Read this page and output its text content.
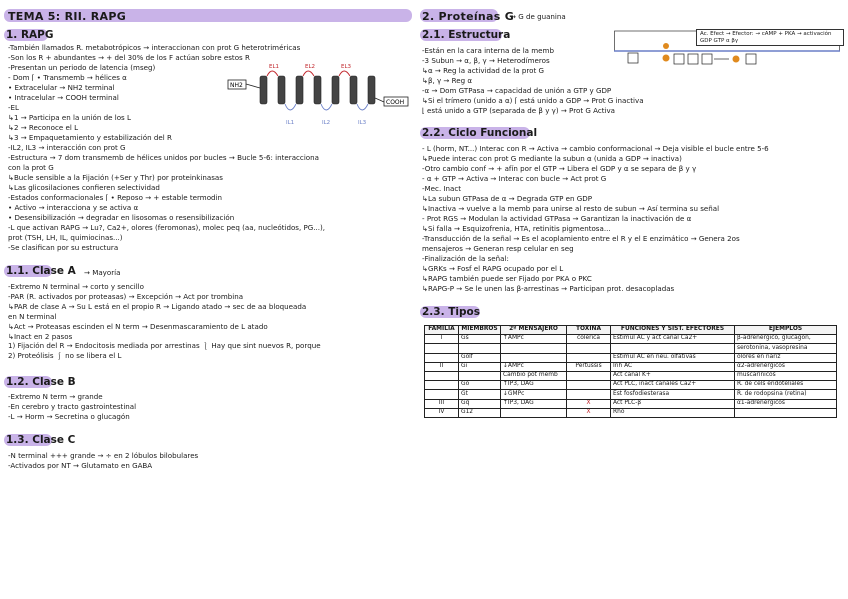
TEMA 5: RII. RAPG
1. RAPG
-También llamados R. metabotrópicos → interaccionan con prot G heterotriméricas
-Son los R + abundantes → + del 30% de los F actúan sobre estos R
-Presentan un periodo de latencia (mseg)
- Dom ⌈ • Transmemb → hélices α
• Extracelular → NH2 terminal
• Intracelular → COOH terminal
-EL
↳1 → Participa en la unión de los L
↳2 → Reconoce el L
↳3 → Empaquetamiento y estabilización del R
-IL2, IL3 → interacción con prot G
-Estructura → 7 dom transmemb de hélices unidos por bucles → Bucle 5-6: interacciona
con la prot G
↳Bucle sensible a la Fijación (+Ser y Thr) por proteinkinasas
↳Las glicosilaciones confieren selectividad
-Estados conformacionales ⌈ • Reposo → + estable termodin
• Activo → interacciona y se activa α
• Desensibilización → degradar en lisosomas o resensibilización
-L que activan RAPG → Lu?, Ca2+, olores (feromonas), molec peq (aa, nucleótidos, PG...),
prot (TSH, LH, IL, quimiocinas...)
-Se clasifican por su estructura
NH2
EL1	EL2	EL3
IL1	IL2	IL3
COOH
1.1. Clase A → Mayoría
-Extremo N terminal → corto y sencillo
-PAR (R. activados por proteasas) → Excepción → Act por trombina
↳PAR de clase A → Su L está en el propio R → Ligando atado → sec de aa bloqueada
en N terminal
↳Act → Proteasas escinden el N term → Desenmascaramiento de L atado
↳Inact en 2 pasos
1) Fijación del R → Endocitosis mediada por arrestinas ⎱ Hay que sint nuevos R, porque
2) Proteólisis ⎰ no se libera el L
1.2. Clase B
-Extremo N term → grande
-En cerebro y tracto gastrointestinal
-L → Horm → Secretina o glucagón
1.3. Clase C
-N terminal +++ grande → ÷ en 2 lóbulos bilobulares
-Activados por NT → Glutamato en GABA
2. Proteínas G
→ G de guanina
2.1. Estructura	Ac. Efect → Efector: → cAMP + PKA → activación
GDP GTP α βγ
-Están en la cara interna de la memb
-3 Subun → α, β, γ → Heterodímeros
↳α → Reg la actividad de la prot G
↳β, γ → Reg α
-α → Dom GTPasa → capacidad de unión a GTP y GDP
↳Si el trímero (unido a α) ⌈ está unido a GDP → Prot G inactiva
⌊ está unido a GTP (separada de β y γ) → Prot G Activa
2.2. Ciclo Funcional
- L (horm, NT...) Interac con R → Activa → cambio conformacional → Deja visible el bucle entre 5-6
↳Puede interac con prot G mediante la subun α (unida a GDP → inactiva)
-Otro cambio conf → + afín por el GTP → Libera el GDP y α se separa de β y γ
- α + GTP → Activa → Interac con bucle → Act prot G
-Mec. Inact
↳La subun GTPasa de α → Degrada GTP en GDP
↳Inactiva → vuelve a la memb para unirse al resto de subun → Así termina su señal
- Prot RGS → Modulan la actividad GTPasa → Garantizan la inactivación de α
↳Si falla → Esquizofrenia, HTA, retinitis pigmentosa...
-Transducción de la señal → Es el acoplamiento entre el R y el E enzimático → Genera 2os
mensajeros → Generan resp celular en seg
-Finalización de la señal:
↳GRKs → Fosf el RAPG ocupado por el L
↳RAPG también puede ser Fijado por PKA o PKC
↳RAPG-P → Se le unen las β-arrestinas → Participan prot. desacopladas
2.3. Tipos
FAMILIA	MIEMBROS	2º MENSAJERO	TOXINA	FUNCIONES Y SIST. EFECTORES	EJEMPLOS
I	Gs	↑AMPc	colérica	Estimul AC y act canal Ca2+	β-adrenérgico, glucagón,
					serotonina, vasopresina
	Golf			Estimul AC en neu. olfativas	olores en nariz
II	Gi	↓AMPc	Pertussis	Inh AC	α2-adrenérgicos
		Cambio pot memb		Act canal K+	muscarínicos
	Go	↑IP3, DAG		Act PLC, inact canales Ca2+	R. de cels endoteliales
	Gt	↓GMPc		Est fosfodiesterasa	R. de rodopsina (retina)
III	Gq	↑IP3, DAG	X	Act PLC-β	α1-adrenérgicos
IV	G12		X	Rho	
